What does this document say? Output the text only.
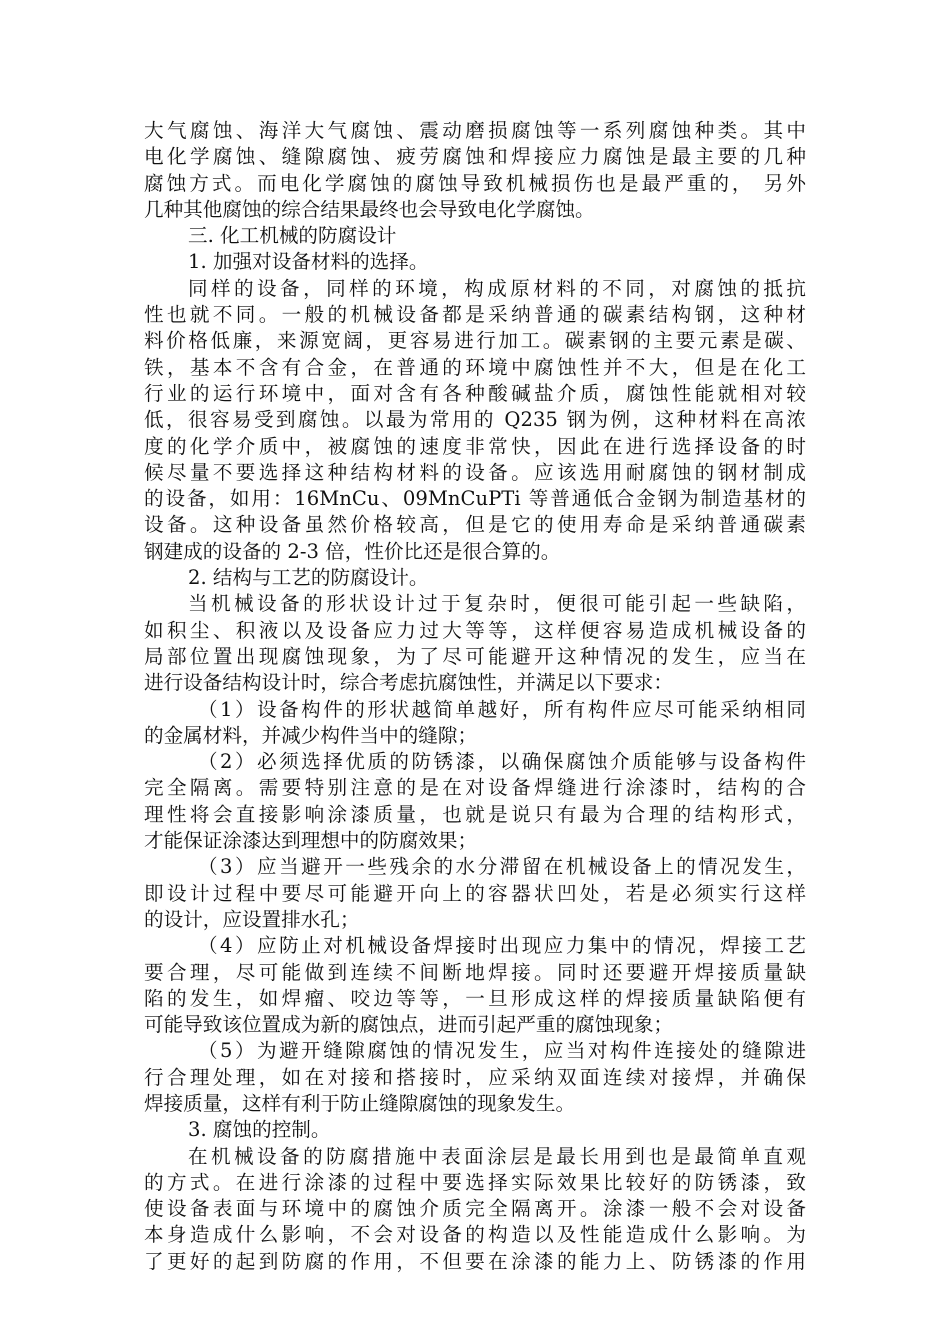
大气腐蚀、海洋大气腐蚀、震动磨损腐蚀等一系列腐蚀种类。其中
电化学腐蚀、缝隙腐蚀、疲劳腐蚀和焊接应力腐蚀是最主要的几种
腐蚀方式。而电化学腐蚀的腐蚀导致机械损伤也是最严重的， 另外
几种其他腐蚀的综合结果最终也会导致电化学腐蚀。
三. 化工机械的防腐设计
1. 加强对设备材料的选择。
同样的设备，同样的环境，构成原材料的不同，对腐蚀的抵抗
性也就不同。一般的机械设备都是采纳普通的碳素结构钢，这种材
料价格低廉，来源宽阔，更容易进行加工。碳素钢的主要元素是碳、
铁，基本不含有合金，在普通的环境中腐蚀性并不大，但是在化工
行业的运行环境中，面对含有各种酸碱盐介质，腐蚀性能就相对较
低，很容易受到腐蚀。以最为常用的 Q235 钢为例，这种材料在高浓
度的化学介质中，被腐蚀的速度非常快，因此在进行选择设备的时
候尽量不要选择这种结构材料的设备。应该选用耐腐蚀的钢材制成
的设备，如用：16MnCu、09MnCuPTi 等普通低合金钢为制造基材的
设备。这种设备虽然价格较高，但是它的使用寿命是采纳普通碳素
钢建成的设备的 2-3 倍，性价比还是很合算的。
2. 结构与工艺的防腐设计。
当机械设备的形状设计过于复杂时，便很可能引起一些缺陷，
如积尘、积液以及设备应力过大等等，这样便容易造成机械设备的
局部位置出现腐蚀现象，为了尽可能避开这种情况的发生，应当在
进行设备结构设计时，综合考虑抗腐蚀性，并满足以下要求：
（1）设备构件的形状越简单越好，所有构件应尽可能采纳相同
的金属材料，并减少构件当中的缝隙；
（2）必须选择优质的防锈漆，以确保腐蚀介质能够与设备构件
完全隔离。需要特别注意的是在对设备焊缝进行涂漆时，结构的合
理性将会直接影响涂漆质量，也就是说只有最为合理的结构形式，
才能保证涂漆达到理想中的防腐效果；
（3）应当避开一些残余的水分滞留在机械设备上的情况发生，
即设计过程中要尽可能避开向上的容器状凹处，若是必须实行这样
的设计，应设置排水孔；
（4）应防止对机械设备焊接时出现应力集中的情况，焊接工艺
要合理，尽可能做到连续不间断地焊接。同时还要避开焊接质量缺
陷的发生，如焊瘤、咬边等等，一旦形成这样的焊接质量缺陷便有
可能导致该位置成为新的腐蚀点，进而引起严重的腐蚀现象；
（5）为避开缝隙腐蚀的情况发生，应当对构件连接处的缝隙进
行合理处理，如在对接和搭接时，应采纳双面连续对接焊，并确保
焊接质量，这样有利于防止缝隙腐蚀的现象发生。
3. 腐蚀的控制。
在机械设备的防腐措施中表面涂层是最长用到也是最简单直观
的方式。在进行涂漆的过程中要选择实际效果比较好的防锈漆，致
使设备表面与环境中的腐蚀介质完全隔离开。涂漆一般不会对设备
本身造成什么影响，不会对设备的构造以及性能造成什么影响。为
了更好的起到防腐的作用，不但要在涂漆的能力上、防锈漆的作用
